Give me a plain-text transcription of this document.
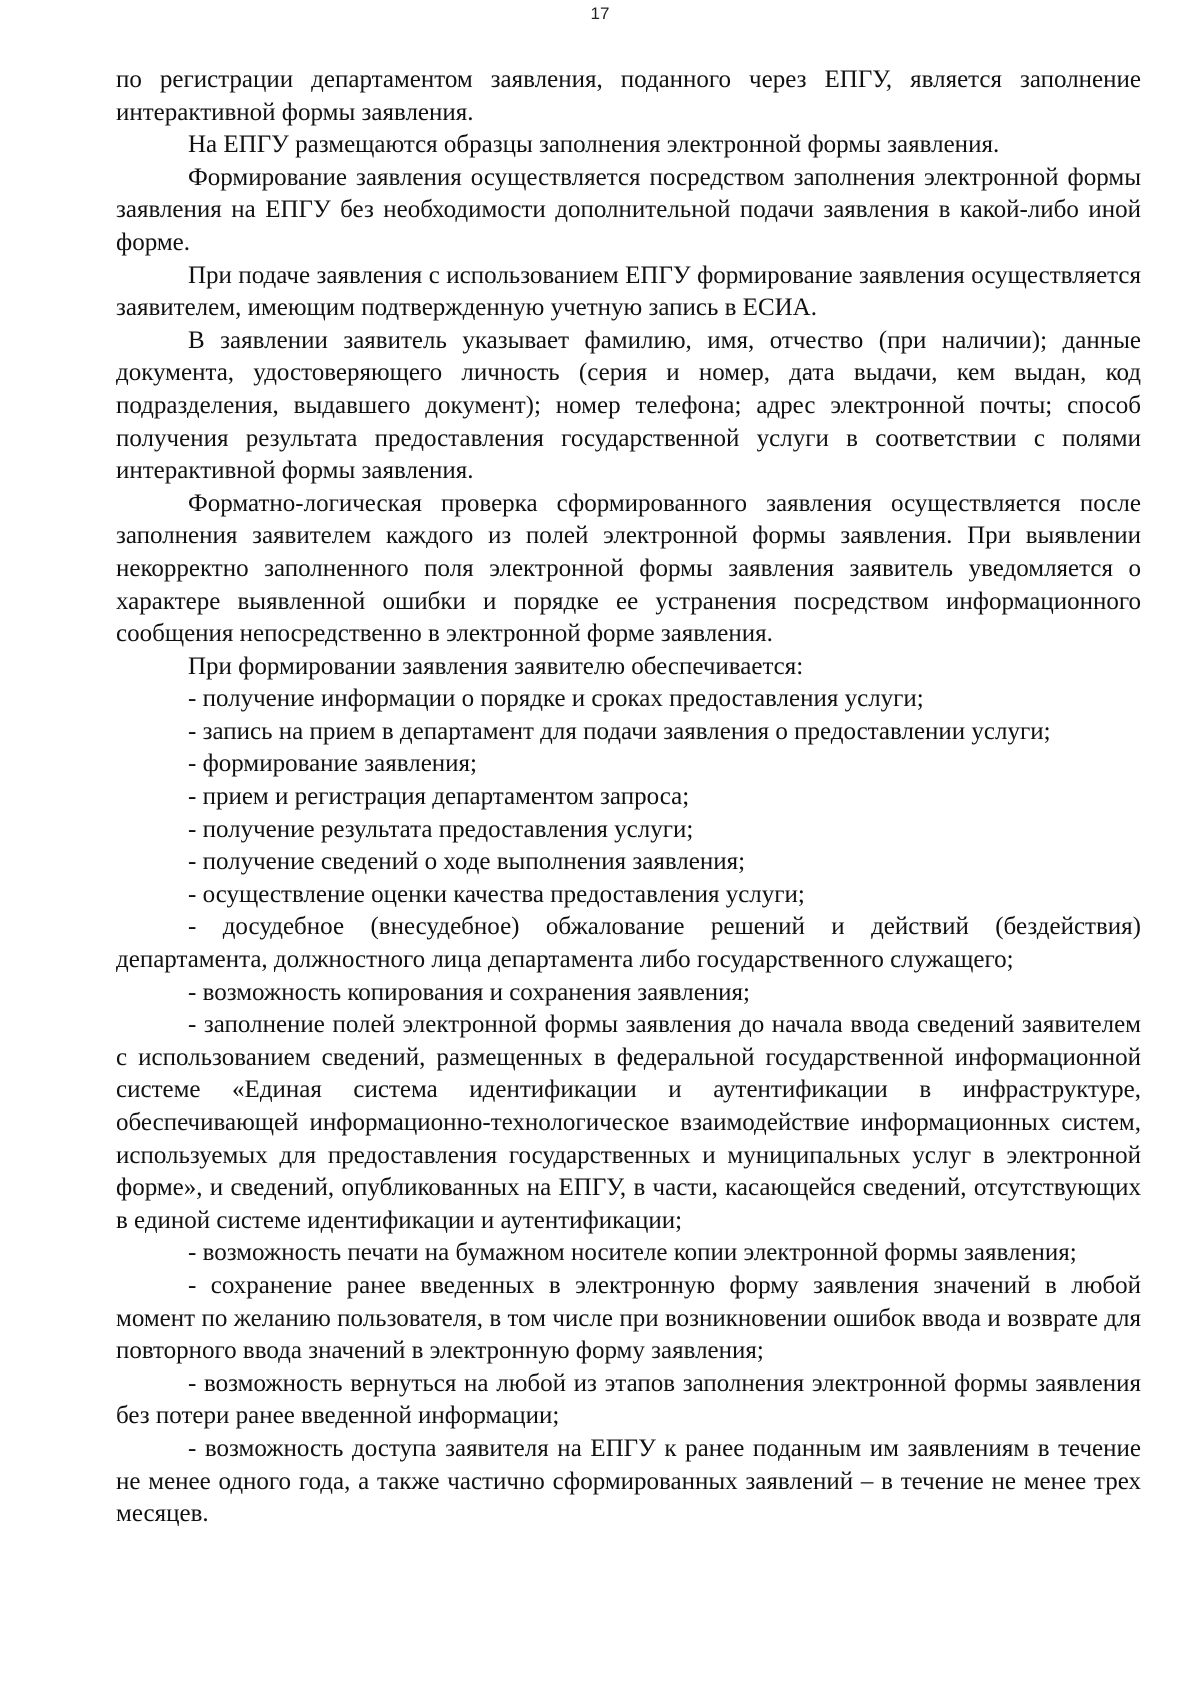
17

по регистрации департаментом заявления, поданного через ЕПГУ, является заполнение интерактивной формы заявления.

На ЕПГУ размещаются образцы заполнения электронной формы заявления.

Формирование заявления осуществляется посредством заполнения электронной формы заявления на ЕПГУ без необходимости дополнительной подачи заявления в какой-либо иной форме.

При подаче заявления с использованием ЕПГУ формирование заявления осуществляется заявителем, имеющим подтвержденную учетную запись в ЕСИА.

В заявлении заявитель указывает фамилию, имя, отчество (при наличии); данные документа, удостоверяющего личность (серия и номер, дата выдачи, кем выдан, код подразделения, выдавшего документ); номер телефона; адрес электронной почты; способ получения результата предоставления государственной услуги в соответствии с полями интерактивной формы заявления.

Форматно-логическая проверка сформированного заявления осуществляется после заполнения заявителем каждого из полей электронной формы заявления. При выявлении некорректно заполненного поля электронной формы заявления заявитель уведомляется о характере выявленной ошибки и порядке ее устранения посредством информационного сообщения непосредственно в электронной форме заявления.

При формировании заявления заявителю обеспечивается:

- получение информации о порядке и сроках предоставления услуги;

- запись на прием в департамент для подачи заявления о предоставлении услуги;

- формирование заявления;

- прием и регистрация департаментом запроса;

- получение результата предоставления услуги;

- получение сведений о ходе выполнения заявления;

- осуществление оценки качества предоставления услуги;

- досудебное (внесудебное) обжалование решений и действий (бездействия) департамента, должностного лица департамента либо государственного служащего;

- возможность копирования и сохранения заявления;

- заполнение полей электронной формы заявления до начала ввода сведений заявителем с использованием сведений, размещенных в федеральной государственной информационной системе «Единая система идентификации и аутентификации в инфраструктуре, обеспечивающей информационно-технологическое взаимодействие информационных систем, используемых для предоставления государственных и муниципальных услуг в электронной форме», и сведений, опубликованных на ЕПГУ, в части, касающейся сведений, отсутствующих в единой системе идентификации и аутентификации;

- возможность печати на бумажном носителе копии электронной формы заявления;

- сохранение ранее введенных в электронную форму заявления значений в любой момент по желанию пользователя, в том числе при возникновении ошибок ввода и возврате для повторного ввода значений в электронную форму заявления;

- возможность вернуться на любой из этапов заполнения электронной формы заявления без потери ранее введенной информации;

- возможность доступа заявителя на ЕПГУ к ранее поданным им заявлениям в течение не менее одного года, а также частично сформированных заявлений – в течение не менее трех месяцев.
